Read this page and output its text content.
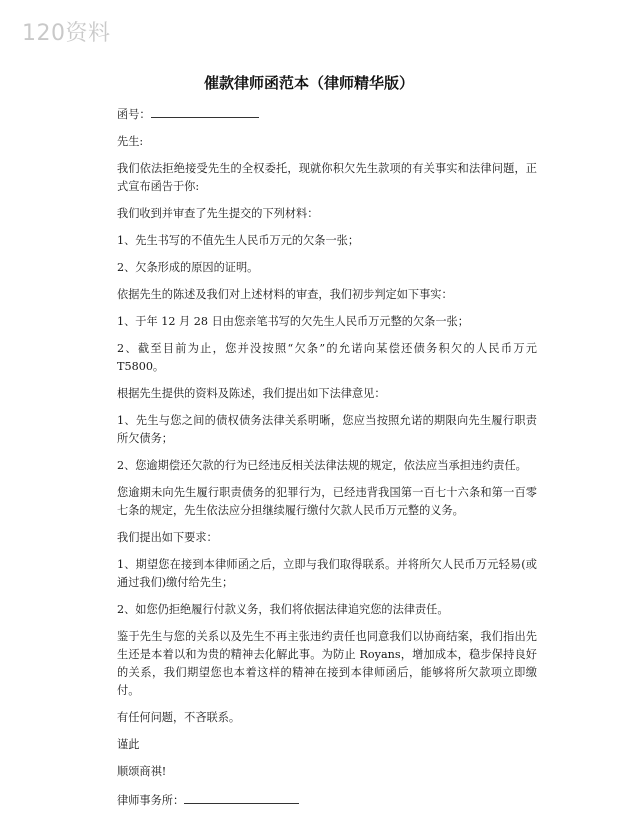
120资料
催款律师函范本（律师精华版）

函号：

先生:

我们依法拒绝接受先生的全权委托，现就你积欠先生款项的有关事实和法律问题，正式宣布函告于你:

我们收到并审查了先生提交的下列材料：

1、先生书写的不值先生人民币万元的欠条一张；

2、欠条形成的原因的证明。

依据先生的陈述及我们对上述材料的审查，我们初步判定如下事实：

1、于年 12 月 28 日由您亲笔书写的欠先生人民币万元整的欠条一张；

2、截至目前为止，您并没按照“欠条”的允诺向某偿还债务积欠的人民币万元 T5800。

根据先生提供的资料及陈述，我们提出如下法律意见：

1、先生与您之间的债权债务法律关系明晰，您应当按照允诺的期限向先生履行职责所欠债务；

2、您逾期偿还欠款的行为已经违反相关法律法规的规定，依法应当承担违约责任。

您逾期未向先生履行职责债务的犯罪行为，已经违背我国第一百七十六条和第一百零七条的规定，先生依法应分担继续履行缴付欠款人民币万元整的义务。

我们提出如下要求：

1、期望您在接到本律师函之后，立即与我们取得联系。并将所欠人民币万元轻易(或通过我们)缴付给先生；

2、如您仍拒绝履行付款义务，我们将依据法律追究您的法律责任。

鉴于先生与您的关系以及先生不再主张违约责任也同意我们以协商结案，我们指出先生还是本着以和为贵的精神去化解此事。为防止 Royans，增加成本，稳步保持良好的关系，我们期望您也本着这样的精神在接到本律师函后，能够将所欠款项立即缴付。

有任何问题，不吝联系。

谨此

顺颂商祺!

律师事务所：
